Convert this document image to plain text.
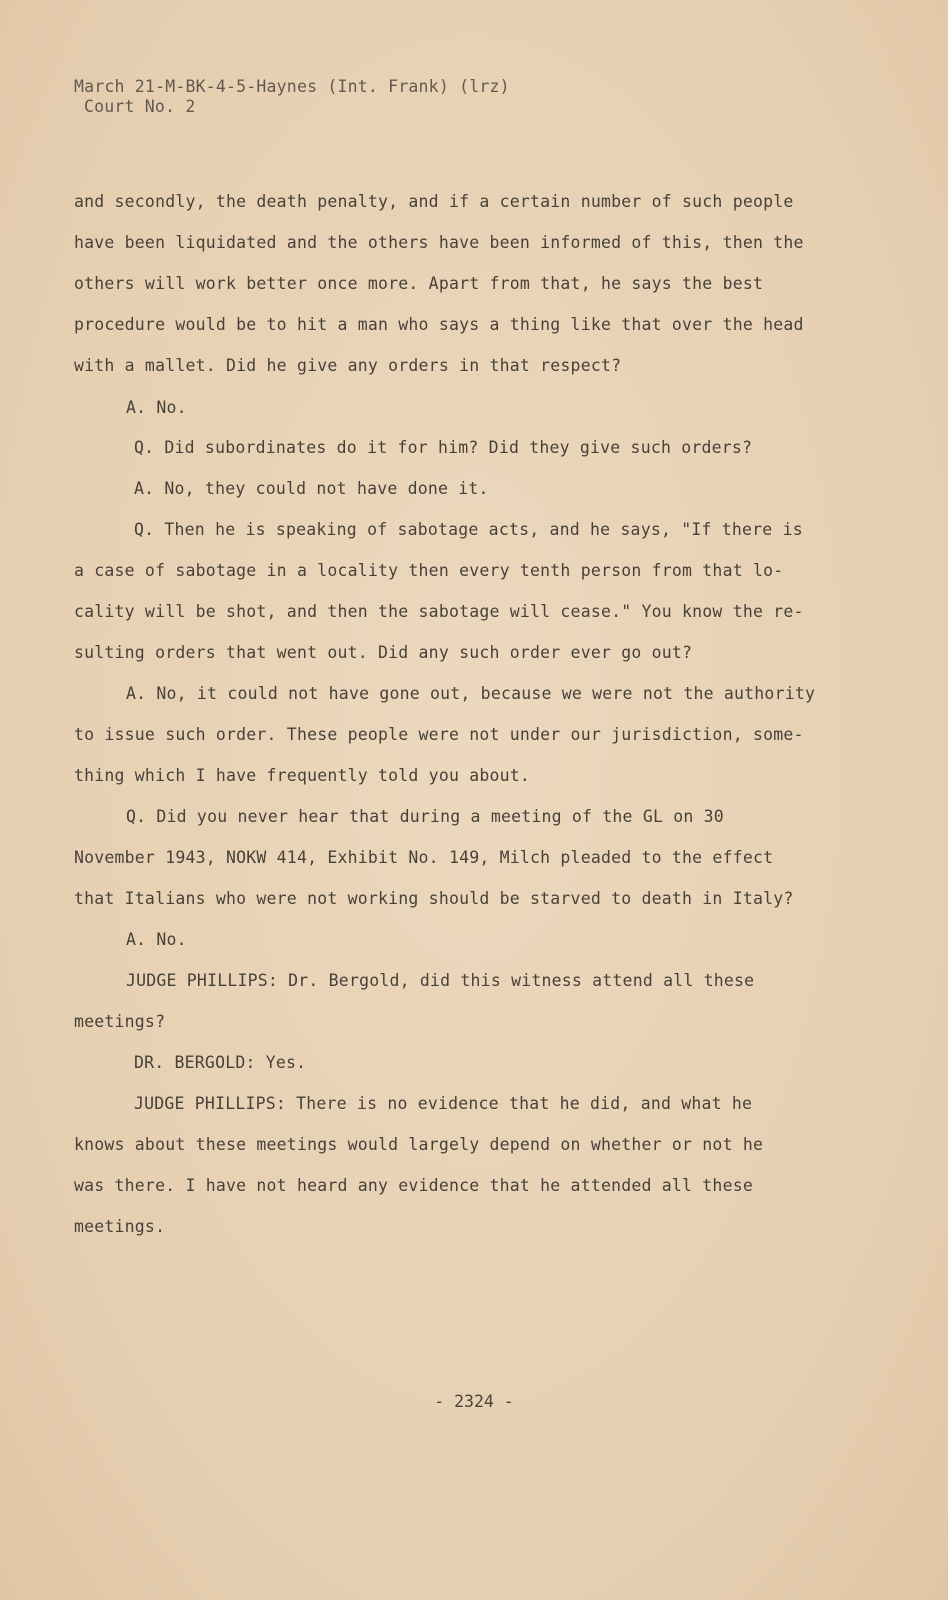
March 21-M-BK-4-5-Haynes (Int. Frank) (lrz)
Court No. 2
and secondly, the death penalty, and if a certain number of such people
have been liquidated and the others have been informed of this, then the
others will work better once more. Apart from that, he says the best
procedure would be to hit a man who says a thing like that over the head
with a mallet. Did he give any orders in that respect?
A. No.
Q. Did subordinates do it for him? Did they give such orders?
A. No, they could not have done it.
Q. Then he is speaking of sabotage acts, and he says, "If there is
a case of sabotage in a locality then every tenth person from that lo-
cality will be shot, and then the sabotage will cease." You know the re-
sulting orders that went out. Did any such order ever go out?
A. No, it could not have gone out, because we were not the authority
to issue such order. These people were not under our jurisdiction, some-
thing which I have frequently told you about.
Q. Did you never hear that during a meeting of the GL on 30
November 1943, NOKW 414, Exhibit No. 149, Milch pleaded to the effect
that Italians who were not working should be starved to death in Italy?
A. No.
JUDGE PHILLIPS: Dr. Bergold, did this witness attend all these
meetings?
DR. BERGOLD: Yes.
JUDGE PHILLIPS: There is no evidence that he did, and what he
knows about these meetings would largely depend on whether or not he
was there. I have not heard any evidence that he attended all these
meetings.
- 2324 -
